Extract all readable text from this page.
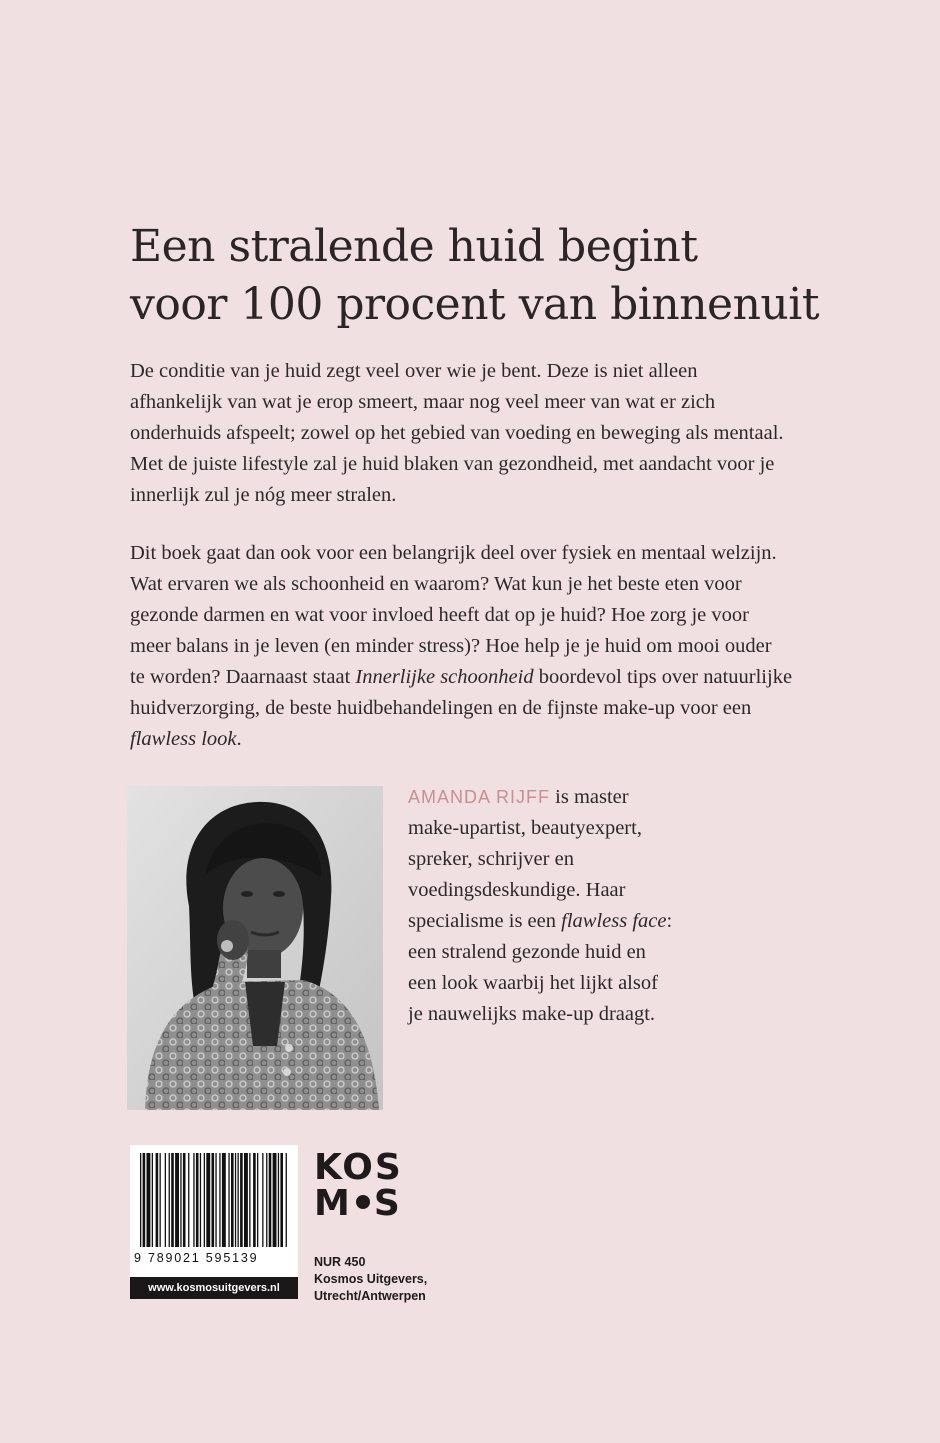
Een stralende huid begint
voor 100 procent van binnenuit

De conditie van je huid zegt veel over wie je bent. Deze is niet alleen
afhankelijk van wat je erop smeert, maar nog veel meer van wat er zich
onderhuids afspeelt; zowel op het gebied van voeding en beweging als mentaal.
Met de juiste lifestyle zal je huid blaken van gezondheid, met aandacht voor je
innerlijk zul je nóg meer stralen.

Dit boek gaat dan ook voor een belangrijk deel over fysiek en mentaal welzijn.
Wat ervaren we als schoonheid en waarom? Wat kun je het beste eten voor
gezonde darmen en wat voor invloed heeft dat op je huid? Hoe zorg je voor
meer balans in je leven (en minder stress)? Hoe help je je huid om mooi ouder
te worden? Daarnaast staat Innerlijke schoonheid boordevol tips over natuurlijke
huidverzorging, de beste huidbehandelingen en de fijnste make-up voor een
flawless look.

AMANDA RIJFF is master
make-upartist, beautyexpert,
spreker, schrijver en
voedingsdeskundige. Haar
specialisme is een flawless face:
een stralend gezonde huid en
een look waarbij het lijkt alsof
je nauwelijks make-up draagt.

9 789021 595139
www.kosmosuitgevers.nl
KOS
M S
NUR 450
Kosmos Uitgevers,
Utrecht/Antwerpen
